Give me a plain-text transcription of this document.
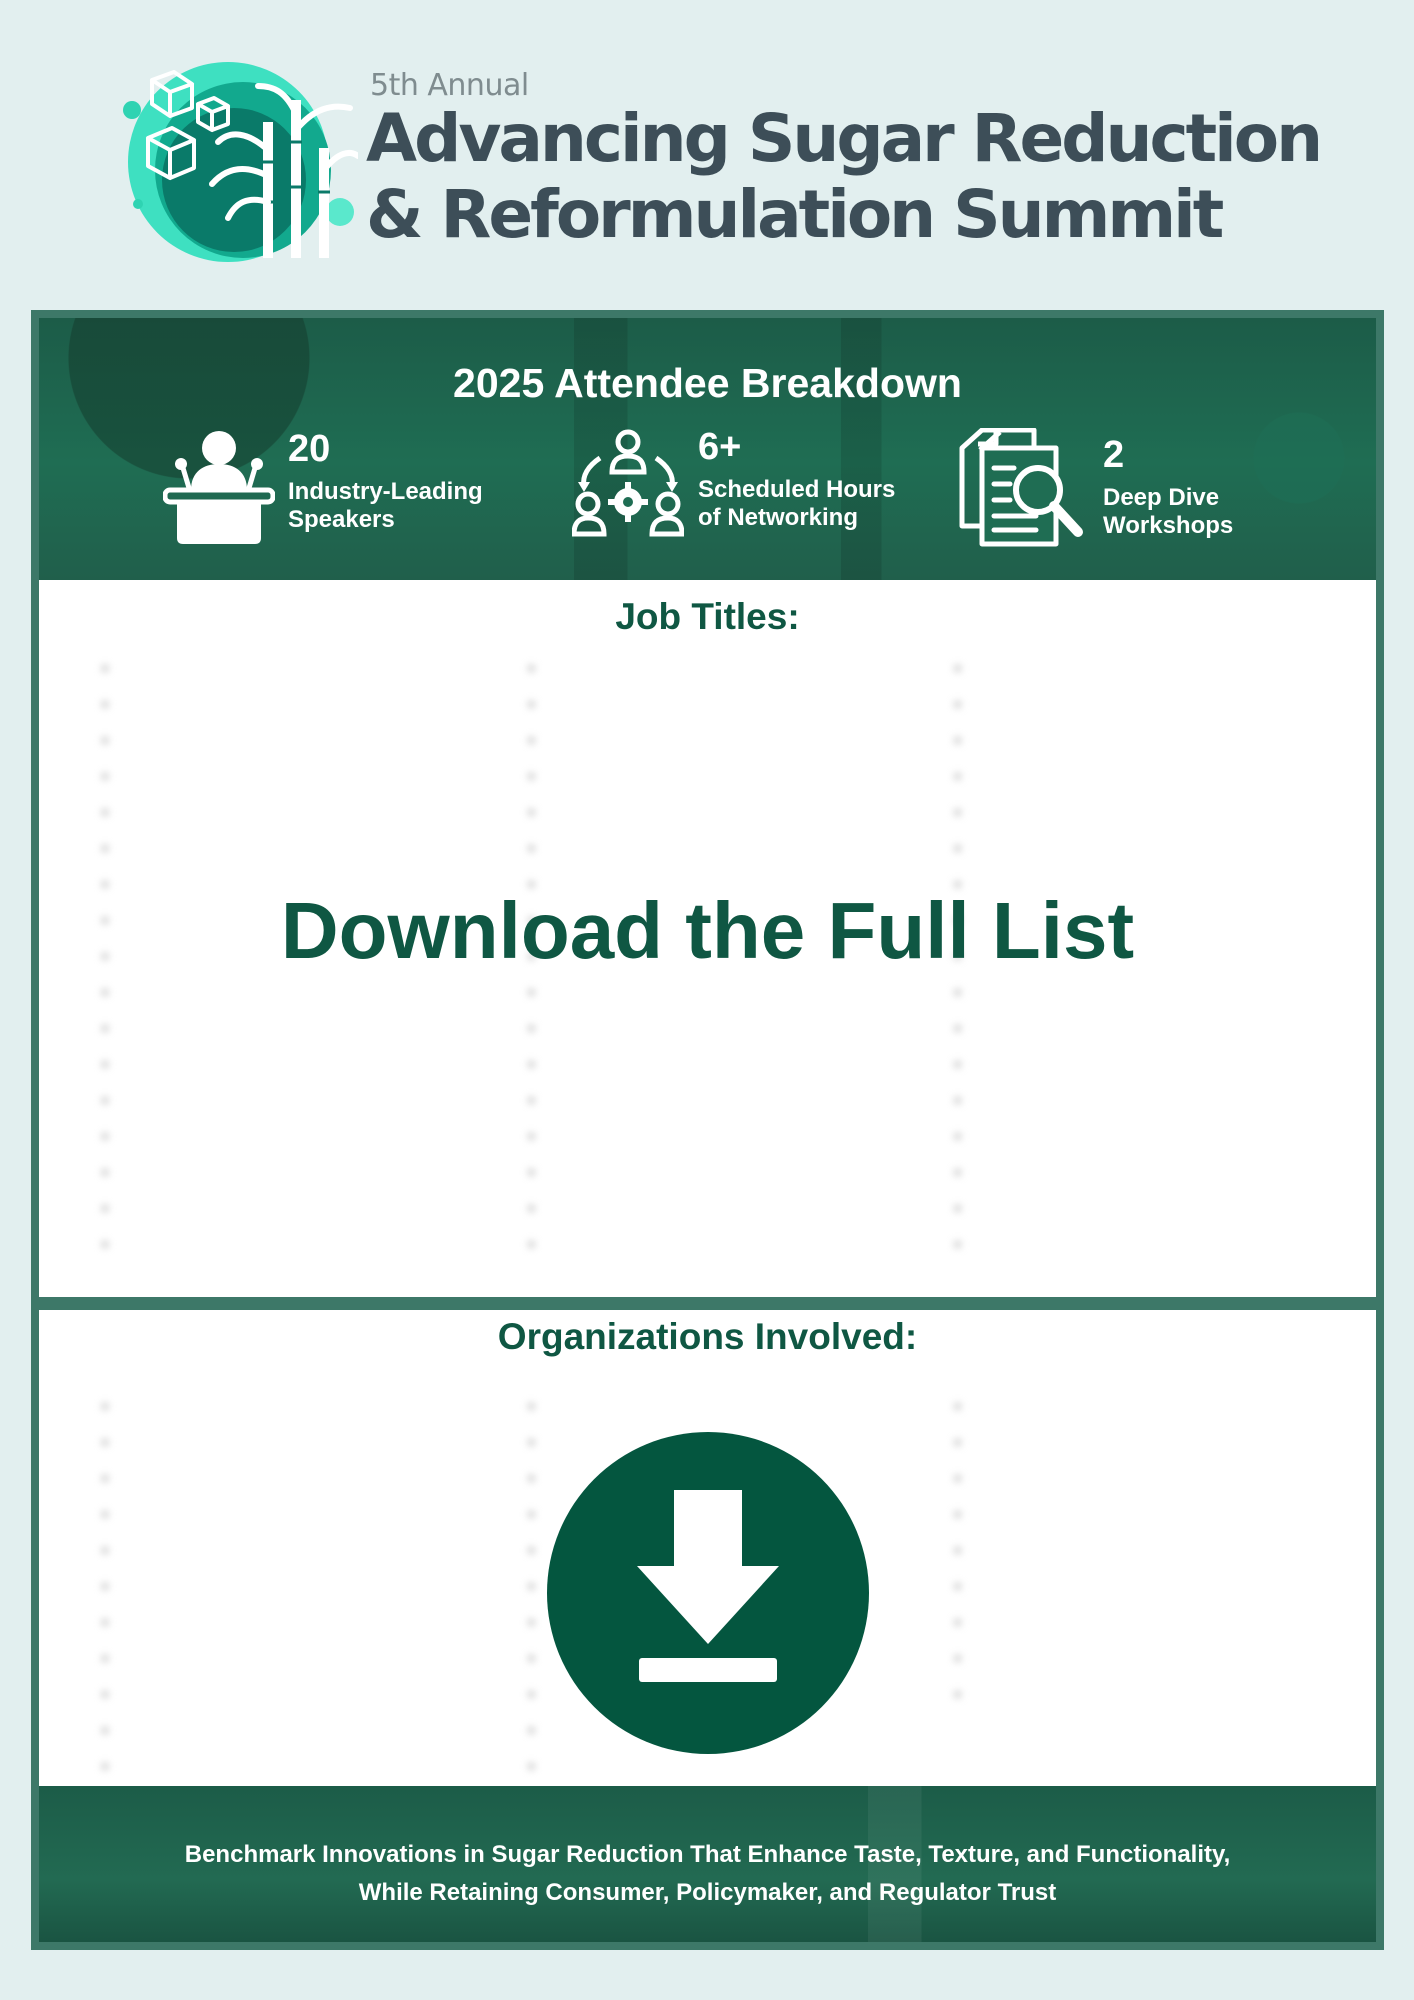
5th Annual
Advancing Sugar Reduction
& Reformulation Summit
2025 Attendee Breakdown
20
Industry-Leading
Speakers
6+
Scheduled Hours
of Networking
2
Deep Dive
Workshops
Job Titles:
•
•
•
•
•
•
•
•
•
•
•
•
•
•
•
•
•
•
•
•
•
•
•
•
•
•
•
•
•
•
•
•
•
•
•
•
•
•
•
•
•
•
•
•
•
•
•
•
•
•
•
Download the Full List
Organizations Involved:
•
•
•
•
•
•
•
•
•
•
•
•
•
•
•
•
•
•
•
•
•
•
•
•
•
•
•
•
•
•
•
Benchmark Innovations in Sugar Reduction That Enhance Taste, Texture, and Functionality,
While Retaining Consumer, Policymaker, and Regulator Trust
